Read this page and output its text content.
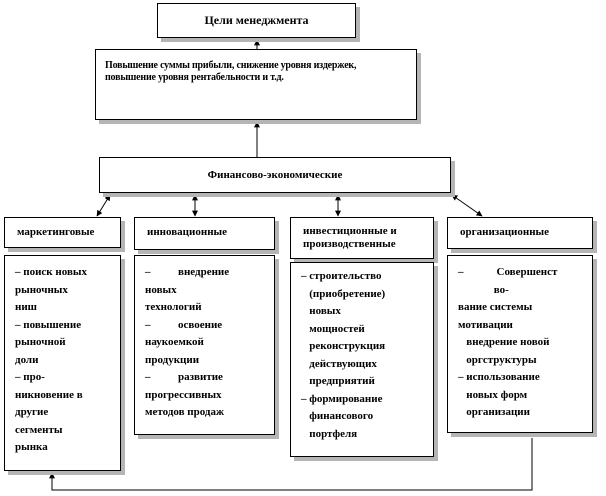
Цели менеджмента
Повышение суммы прибыли, снижение уровня издержек, повышение уровня рентабельности и т.д.
Финансово-экономические
маркетинговые	инновационные	инвестиционные и
производственные
организационные
– поиск новых
рыночных
ниш
– повышение
рыночной
доли
– про-
никновение в
другие
сегменты
рынка
–          внедрение
новых
технологий
–          освоение
наукоемкой
продукции
–          развитие
прогрессивных
методов продаж
– строительство
(приобретение)
новых
мощностей
реконструкция
действующих
предприятий
– формирование
финансового
портфеля
–            Совершенст
во-
вание системы
мотивации
внедрение новой
оргструктуры
– использование
новых форм
организации
